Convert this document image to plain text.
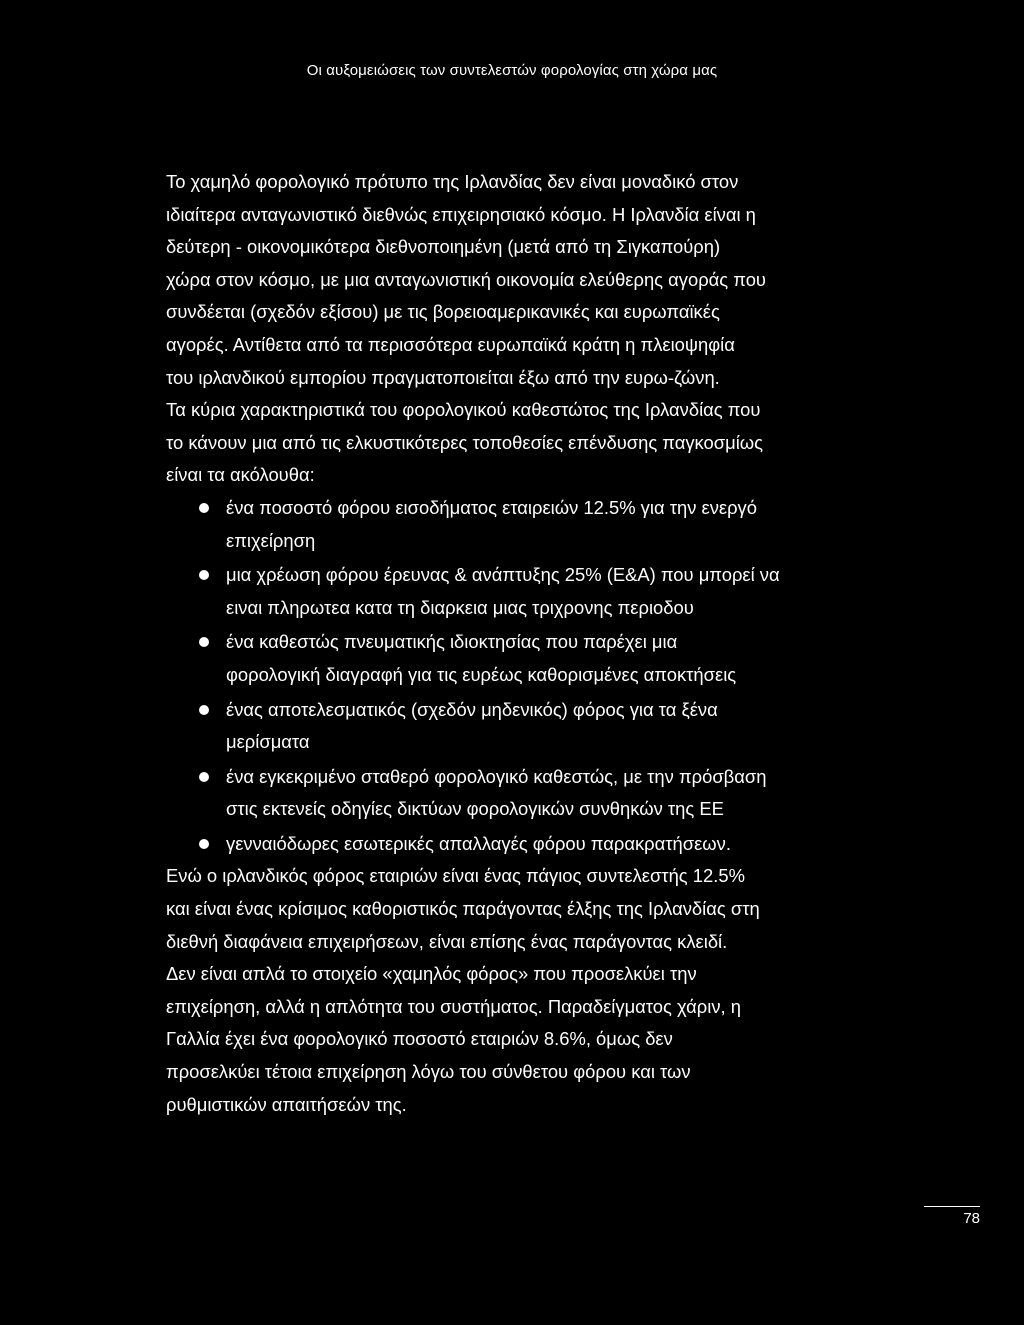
Οι αυξομειώσεις των συντελεστών φορολογίας στη χώρα μας

Το χαμηλό φορολογικό πρότυπο της Ιρλανδίας δεν είναι μοναδικό στον
ιδιαίτερα ανταγωνιστικό διεθνώς επιχειρησιακό κόσμο. Η Ιρλανδία είναι η
δεύτερη - οικονομικότερα διεθνοποιημένη (μετά από τη Σιγκαπούρη)
χώρα στον κόσμο, με μια ανταγωνιστική οικονομία ελεύθερης αγοράς που
συνδέεται (σχεδόν εξίσου) με τις βορειοαμερικανικές και ευρωπαϊκές
αγορές. Αντίθετα από τα περισσότερα ευρωπαϊκά κράτη η πλειοψηφία
του ιρλανδικού εμπορίου πραγματοποιείται έξω από την ευρω-ζώνη.
Τα κύρια χαρακτηριστικά του φορολογικού καθεστώτος της Ιρλανδίας που
το κάνουν μια από τις ελκυστικότερες τοποθεσίες επένδυσης παγκοσμίως
είναι τα ακόλουθα:

ένα ποσοστό φόρου εισοδήματος εταιρειών 12.5% για την ενεργό
επιχείρηση
μια χρέωση φόρου έρευνας & ανάπτυξης 25% (Ε&Α) που μπορεί να
ειναι πληρωτεα κατα τη διαρκεια μιας τριχρονης περιοδου
ένα καθεστώς πνευματικής ιδιοκτησίας που παρέχει μια
φορολογική διαγραφή για τις ευρέως καθορισμένες αποκτήσεις
ένας αποτελεσματικός (σχεδόν μηδενικός) φόρος για τα ξένα
μερίσματα
ένα εγκεκριμένο σταθερό φορολογικό καθεστώς, με την πρόσβαση
στις εκτενείς οδηγίες δικτύων φορολογικών συνθηκών της ΕΕ
γενναιόδωρες εσωτερικές απαλλαγές φόρου παρακρατήσεων.

Ενώ ο ιρλανδικός φόρος εταιριών είναι ένας πάγιος συντελεστής 12.5%
και είναι ένας κρίσιμος καθοριστικός παράγοντας έλξης της Ιρλανδίας στη
διεθνή διαφάνεια επιχειρήσεων, είναι επίσης ένας παράγοντας κλειδί.
Δεν είναι απλά το στοιχείο «χαμηλός φόρος» που προσελκύει την
επιχείρηση, αλλά η απλότητα του συστήματος. Παραδείγματος χάριν, η
Γαλλία έχει ένα φορολογικό ποσοστό εταιριών 8.6%, όμως δεν
προσελκύει τέτοια επιχείρηση λόγω του σύνθετου φόρου και των
ρυθμιστικών απαιτήσεών της.

78
